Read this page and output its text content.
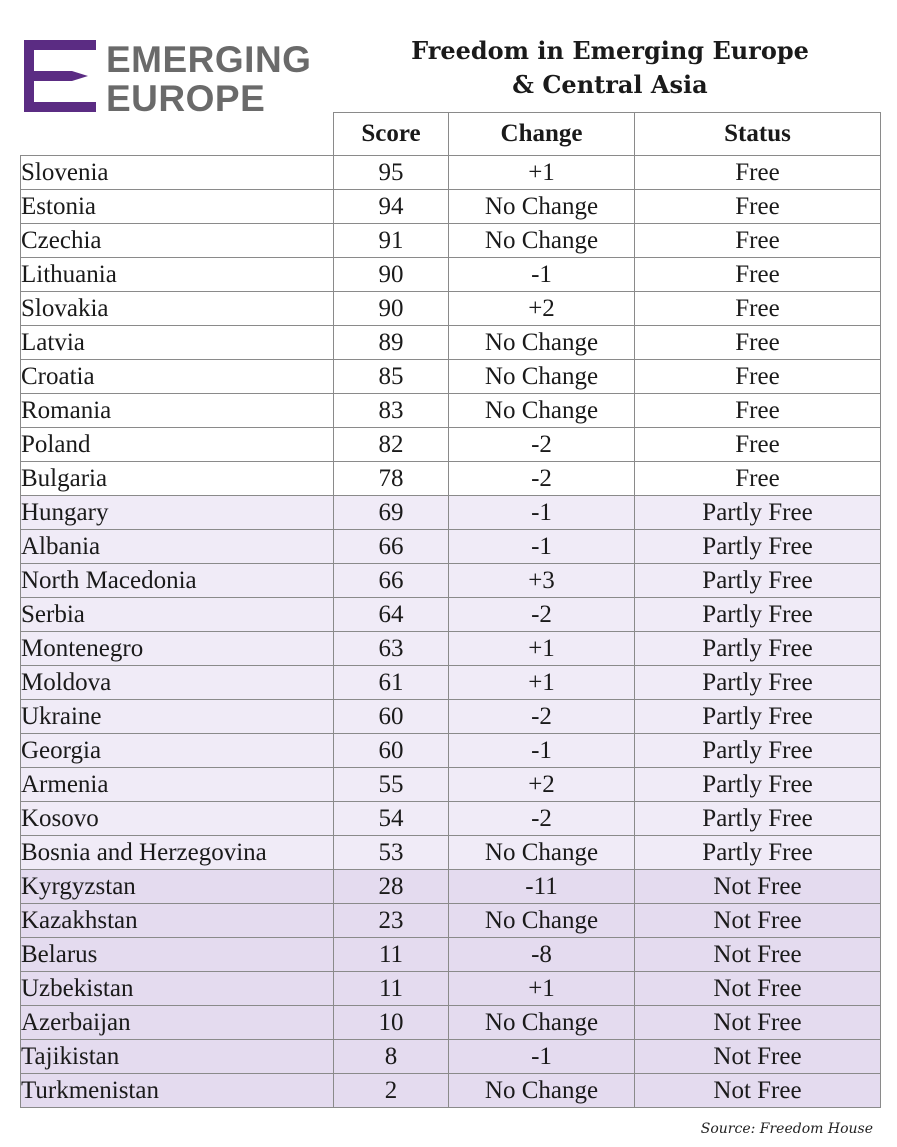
EMERGING
EUROPE
Freedom in Emerging Europe
& Central Asia
	Score	Change	Status
Slovenia	95	+1	Free
Estonia	94	No Change	Free
Czechia	91	No Change	Free
Lithuania	90	-1	Free
Slovakia	90	+2	Free
Latvia	89	No Change	Free
Croatia	85	No Change	Free
Romania	83	No Change	Free
Poland	82	-2	Free
Bulgaria	78	-2	Free
Hungary	69	-1	Partly Free
Albania	66	-1	Partly Free
North Macedonia	66	+3	Partly Free
Serbia	64	-2	Partly Free
Montenegro	63	+1	Partly Free
Moldova	61	+1	Partly Free
Ukraine	60	-2	Partly Free
Georgia	60	-1	Partly Free
Armenia	55	+2	Partly Free
Kosovo	54	-2	Partly Free
Bosnia and Herzegovina	53	No Change	Partly Free
Kyrgyzstan	28	-11	Not Free
Kazakhstan	23	No Change	Not Free
Belarus	11	-8	Not Free
Uzbekistan	11	+1	Not Free
Azerbaijan	10	No Change	Not Free
Tajikistan	8	-1	Not Free
Turkmenistan	2	No Change	Not Free
Source: Freedom House
